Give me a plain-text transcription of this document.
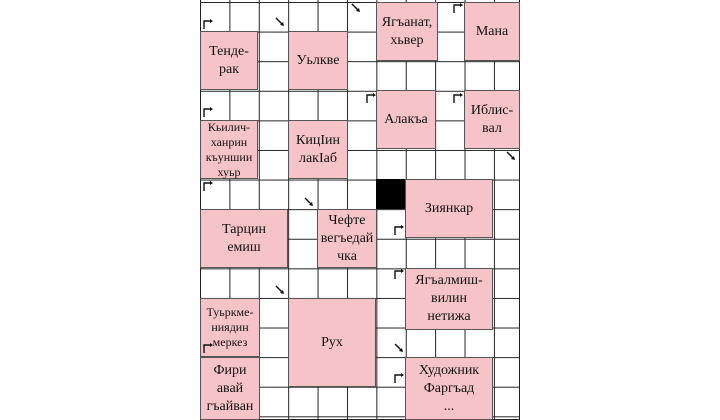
Ягъанат,
хьвер
Мана
Тенде-
рак
Уьлкве
Алакъа
Иблис-
вал
Кьилич-
ханрин
къуншии
хуьр
КицIин
лакIаб
Зиянкар
Тарцин
емиш
Чефте
вегъедай
чка
Ягъалмиш-
вилин
нетижа
Туьркме-
ниядин
меркез	Рух
Фири
авай
гъайван
Художник
Фаргъад
...
